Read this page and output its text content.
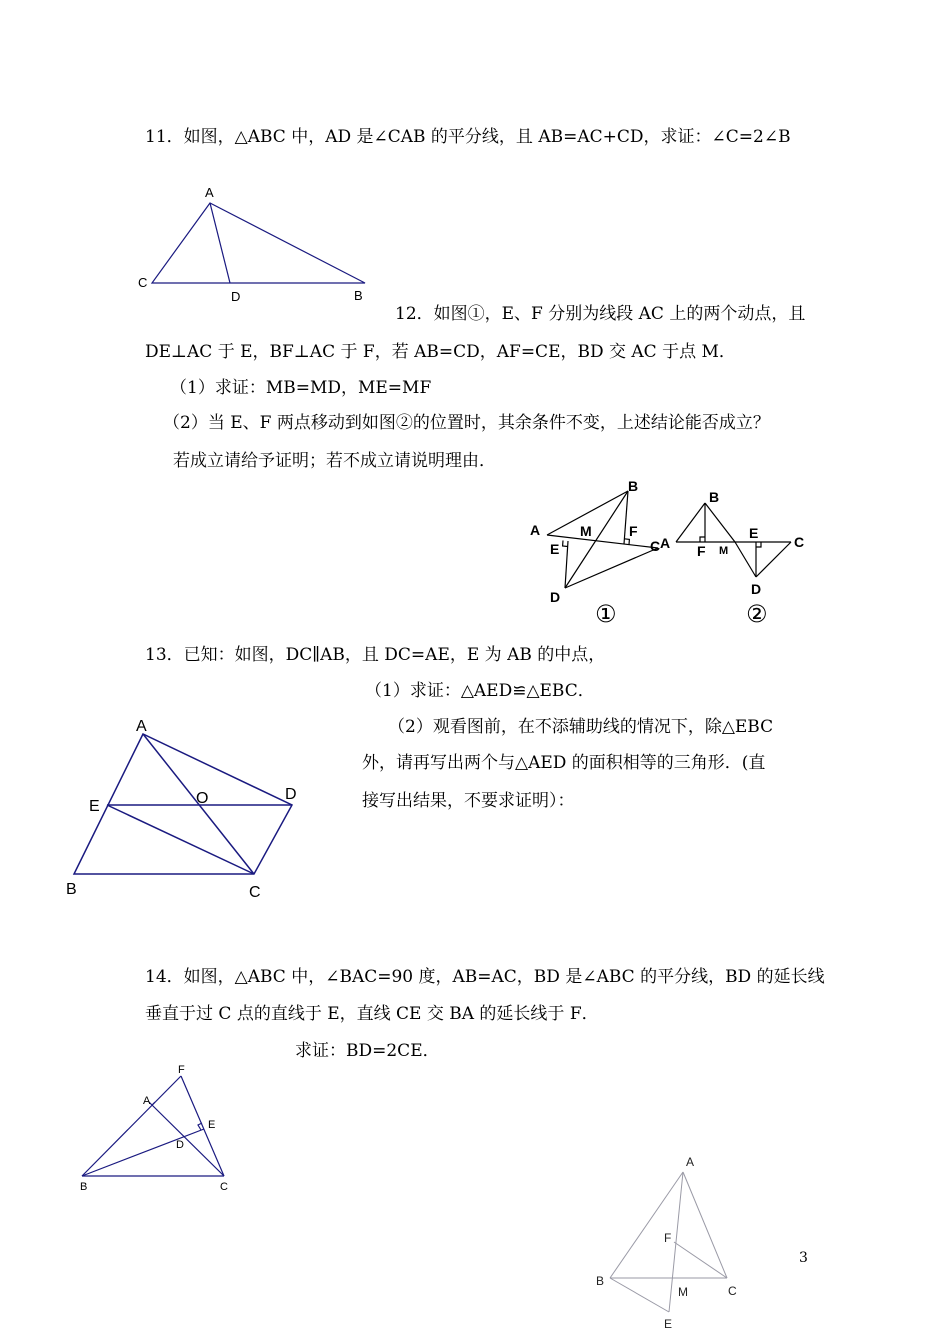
11．如图，△ABC 中，AD 是∠CAB 的平分线，且 AB=AC+CD，求证：∠C=2∠B
A
C
D	B
12．如图①，E、F 分别为线段 AC 上的两个动点，且
DE⊥AC 于 E，BF⊥AC 于 F，若 AB=CD，AF=CE，BD 交 AC 于点 M．
（1）求证：MB=MD，ME=MF
（2）当 E、F 两点移动到如图②的位置时，其余条件不变，上述结论能否成立？
若成立请给予证明；若不成立请说明理由．
A
B
C
D
E
F
M
①
A
B
C
D
E
F M
②
13．已知：如图，DC∥AB，且 DC=AE，E 为 AB 的中点，
（1）求证：△AED≌△EBC．
（2）观看图前，在不添辅助线的情况下，除△EBC
外，请再写出两个与△AED 的面积相等的三角形．(直
接写出结果，不要求证明）：
A
B	C
D
E	O
14．如图，△ABC 中，∠BAC=90 度，AB=AC，BD 是∠ABC 的平分线，BD 的延长线
垂直于过 C 点的直线于 E，直线 CE 交 BA 的延长线于 F．
求证：BD=2CE．
F
A
E
D
B	C
A
F
B
M	C
E
3
